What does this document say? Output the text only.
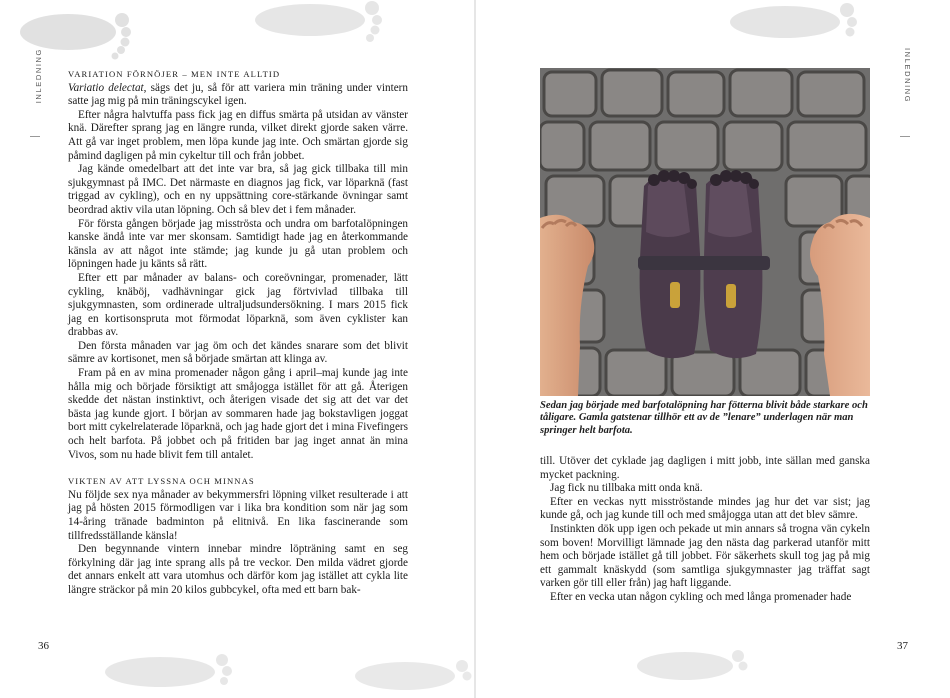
INLEDNING	VARIATION FÖRNÖJER – MEN INTE ALLTID

Variatio delectat, sägs det ju, så för att variera min träning under vintern satte jag mig på min träningscykel igen.

Efter några halvtuffa pass fick jag en diffus smärta på utsidan av vänster knä. Därefter sprang jag en längre runda, vilket direkt gjorde saken värre. Att gå var inget problem, men löpa kunde jag inte. Och smärtan gjorde sig påmind dagligen på min cykeltur till och från jobbet.

Jag kände omedelbart att det inte var bra, så jag gick tillbaka till min sjukgymnast på IMC. Det närmaste en diagnos jag fick, var löparknä (fast triggad av cykling), och en ny uppsättning core-stärkande övningar samt beordrad aktiv vila utan löpning. Och så blev det i fem månader.

För första gången började jag misströsta och undra om barfotalöpningen kanske ändå inte var mer skonsam. Samtidigt hade jag en återkommande känsla av att något inte stämde; jag kunde ju gå utan problem och löpningen hade ju känts så rätt.

Efter ett par månader av balans- och coreövningar, promenader, lätt cykling, knäböj, vadhävningar gick jag förtvivlad tillbaka till sjukgymnasten, som ordinerade ultraljudsundersökning. I mars 2015 fick jag en kortisonspruta mot förmodat löparknä, som även cyklister kan drabbas av.

Den första månaden var jag öm och det kändes snarare som det blivit sämre av kortisonet, men så började smärtan att klinga av.

Fram på en av mina promenader någon gång i april–maj kunde jag inte hålla mig och började försiktigt att småjogga istället för att gå. Återigen skedde det nästan instinktivt, och återigen visade det sig att det var det bästa jag kunde gjort. I början av sommaren hade jag bokstavligen joggat bort mitt cykelrelaterade löparknä, och jag hade gjort det i mina Fivefingers och helt barfota. På jobbet och på fritiden bar jag inget annat än mina Vivos, som nu hade blivit fem till antalet.

VIKTEN AV ATT LYSSNA OCH MINNAS

Nu följde sex nya månader av bekymmersfri löpning vilket resulterade i att jag på hösten 2015 förmodligen var i lika bra kondition som när jag som 14-åring tränade badminton på elitnivå. En lika fascinerande som tillfredsställande känsla!

Den begynnande vintern innebar mindre löpträning samt en seg förkylning där jag inte sprang alls på tre veckor. Den milda vädret gjorde det annars enkelt att vara utomhus och därför kom jag istället att cykla lite längre sträckor på min 20 kilos gubbcykel, ofta med ett barn bak-

36
INLEDNING
Sedan jag började med barfotalöpning har fötterna blivit både starkare och tåligare. Gamla gatstenar tillhör ett av de ”lenare” underlagen när man springer helt barfota.

till. Utöver det cyklade jag dagligen i mitt jobb, inte sällan med ganska mycket packning.

Jag fick nu tillbaka mitt onda knä.

Efter en veckas nytt misströstande mindes jag hur det var sist; jag kunde gå, och jag kunde till och med småjogga utan att det blev sämre.

Instinkten dök upp igen och pekade ut min annars så trogna vän cykeln som boven! Morvilligt lämnade jag den nästa dag parkerad utanför mitt hem och började istället gå till jobbet. För säkerhets skull tog jag på mig ett gammalt knäskydd (som samtliga sjukgymnaster jag träffat sagt varken gör till eller från) jag haft liggande.

Efter en vecka utan någon cykling och med långa promenader hade

37
